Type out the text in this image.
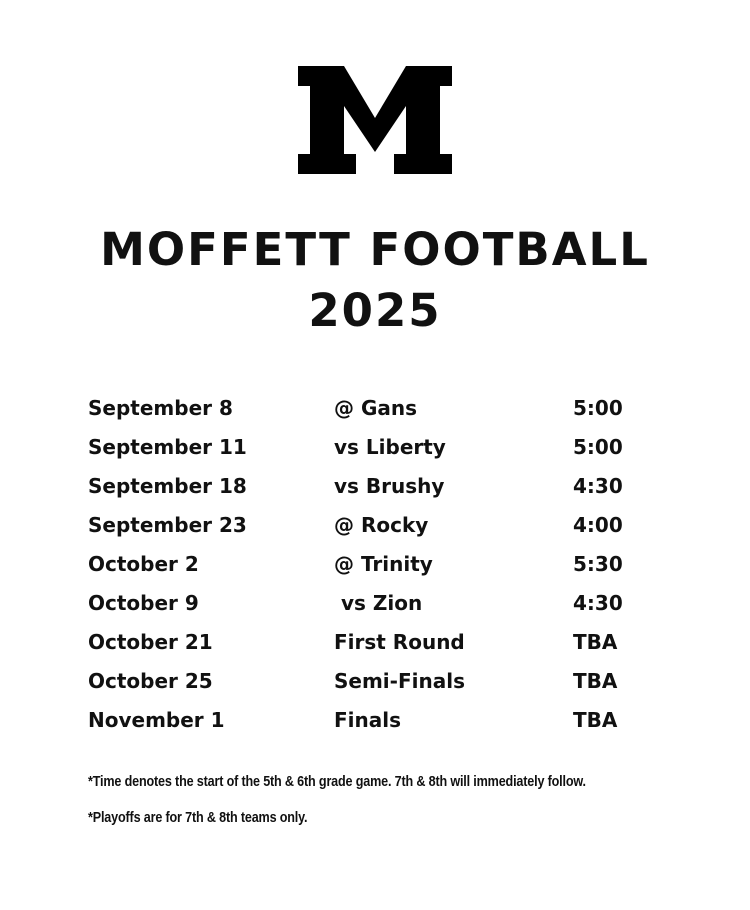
MOFFETT FOOTBALL
2025
September 8	@ Gans	5:00
September 11	vs Liberty	5:00
September 18	vs Brushy	4:30
September 23	@ Rocky	4:00
October 2	@ Trinity	5:30
October 9	vs Zion	4:30
October 21	First Round	TBA
October 25	Semi-Finals	TBA
November 1	Finals	TBA

*Time denotes the start of the 5th & 6th grade game. 7th & 8th will immediately follow.

*Playoffs are for 7th & 8th teams only.
